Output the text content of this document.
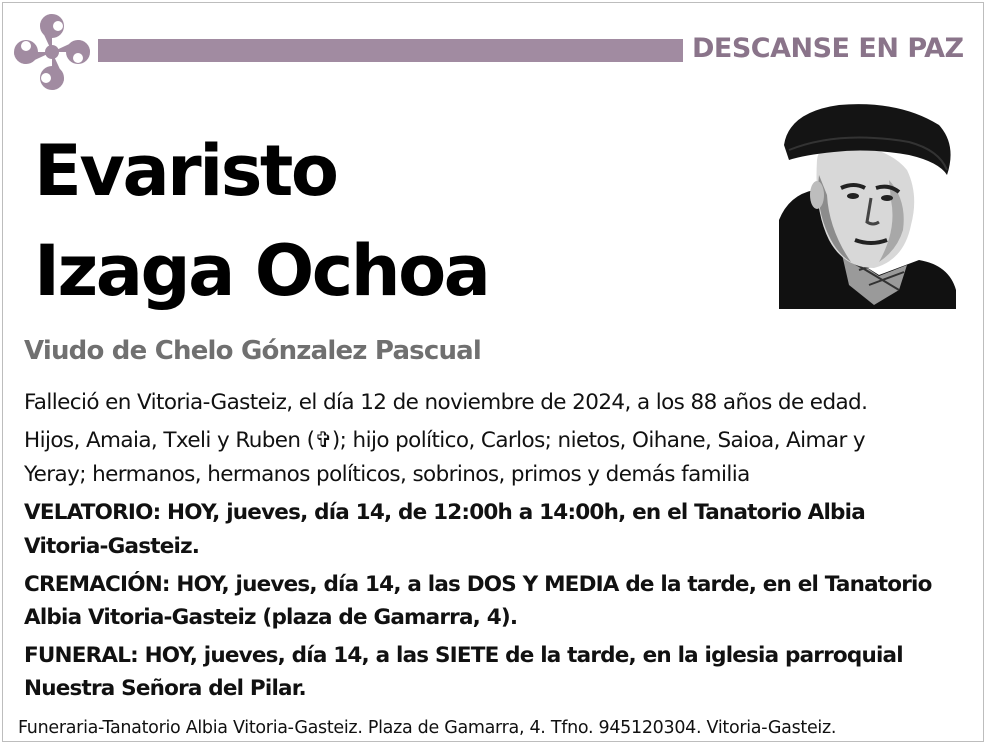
DESCANSE EN PAZ
Evaristo
Izaga Ochoa
Viudo de Chelo Gónzalez Pascual
Falleció en Vitoria-Gasteiz, el día 12 de noviembre de 2024, a los 88 años de edad.
Hijos, Amaia, Txeli y Ruben (✞); hijo político, Carlos; nietos, Oihane, Saioa, Aimar y
Yeray; hermanos, hermanos políticos, sobrinos, primos y demás familia
VELATORIO: HOY, jueves, día 14, de 12:00h a 14:00h, en el Tanatorio Albia
Vitoria-Gasteiz.
CREMACIÓN: HOY, jueves, día 14, a las DOS Y MEDIA de la tarde, en el Tanatorio
Albia Vitoria-Gasteiz (plaza de Gamarra, 4).
FUNERAL: HOY, jueves, día 14, a las SIETE de la tarde, en la iglesia parroquial
Nuestra Señora del Pilar.
Funeraria-Tanatorio Albia Vitoria-Gasteiz. Plaza de Gamarra, 4. Tfno. 945120304. Vitoria-Gasteiz.
